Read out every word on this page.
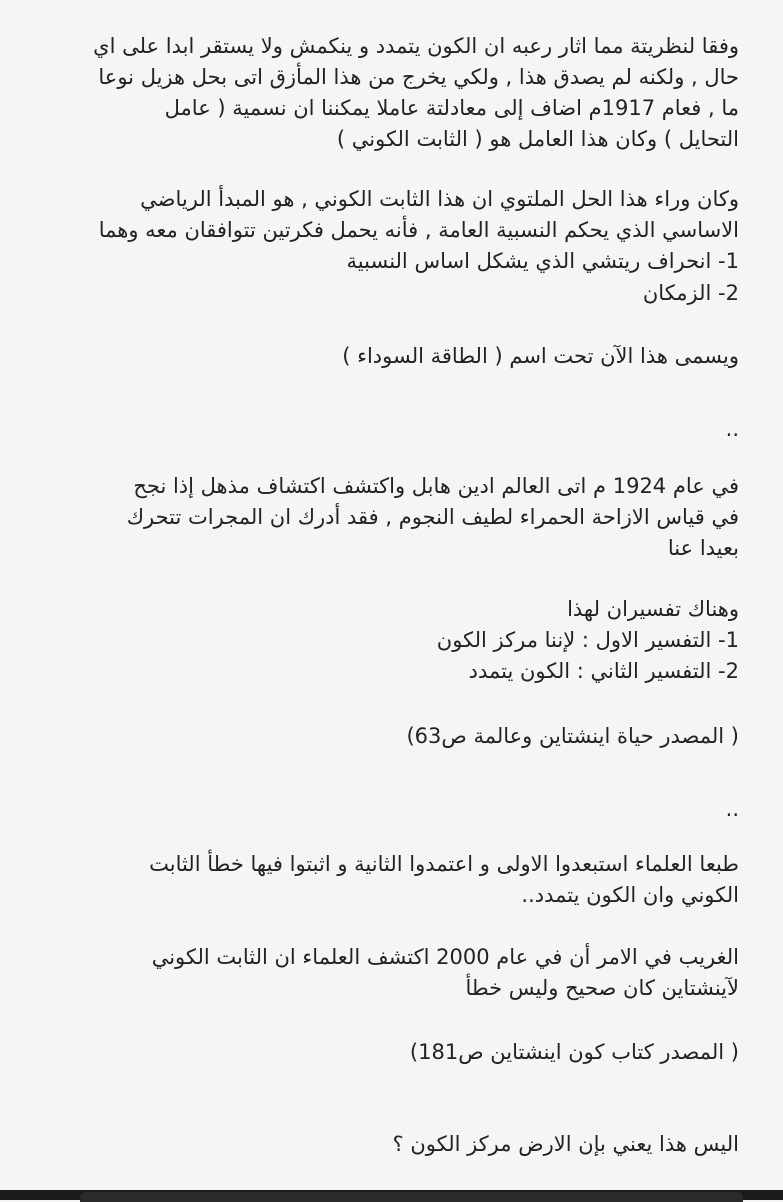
وفقا لنظريتة مما اثار رعبه ان الكون يتمدد و ينكمش ولا يستقر ابدا على اي
حال , ولكنه لم يصدق هذا , ولكي يخرج من هذا المأزق اتى بحل هزيل نوعا
ما , فعام 1917م اضاف إلى معادلتة عاملا يمكننا ان نسمية ( عامل
التحايل ) وكان هذا العامل هو ( الثابت الكوني )
وكان وراء هذا الحل الملتوي ان هذا الثابت الكوني , هو المبدأ الرياضي
الاساسي الذي يحكم النسبية العامة , فأنه يحمل فكرتين تتوافقان معه وهما
1- انحراف ريتشي الذي يشكل اساس النسبية
2- الزمكان
ويسمى هذا الآن تحت اسم ( الطاقة السوداء )
..
في عام 1924 م اتى العالم ادين هابل واكتشف اكتشاف مذهل إذا نجح
في قياس الازاحة الحمراء لطيف النجوم , فقد أدرك ان المجرات تتحرك
بعيدا عنا
وهناك تفسيران لهذا
1- التفسير الاول : لإننا مركز الكون
2- التفسير الثاني : الكون يتمدد
( المصدر حياة اينشتاين وعالمة ص63)
..
طبعا العلماء استبعدوا الاولى و اعتمدوا الثانية و اثبتوا فيها خطأ الثابت
الكوني وان الكون يتمدد..
الغريب في الامر أن في عام 2000 اكتشف العلماء ان الثابت الكوني
لآينشتاين كان صحيح وليس خطأ
( المصدر كتاب كون اينشتاين ص181)
اليس هذا يعني بإن الارض مركز الكون ؟
